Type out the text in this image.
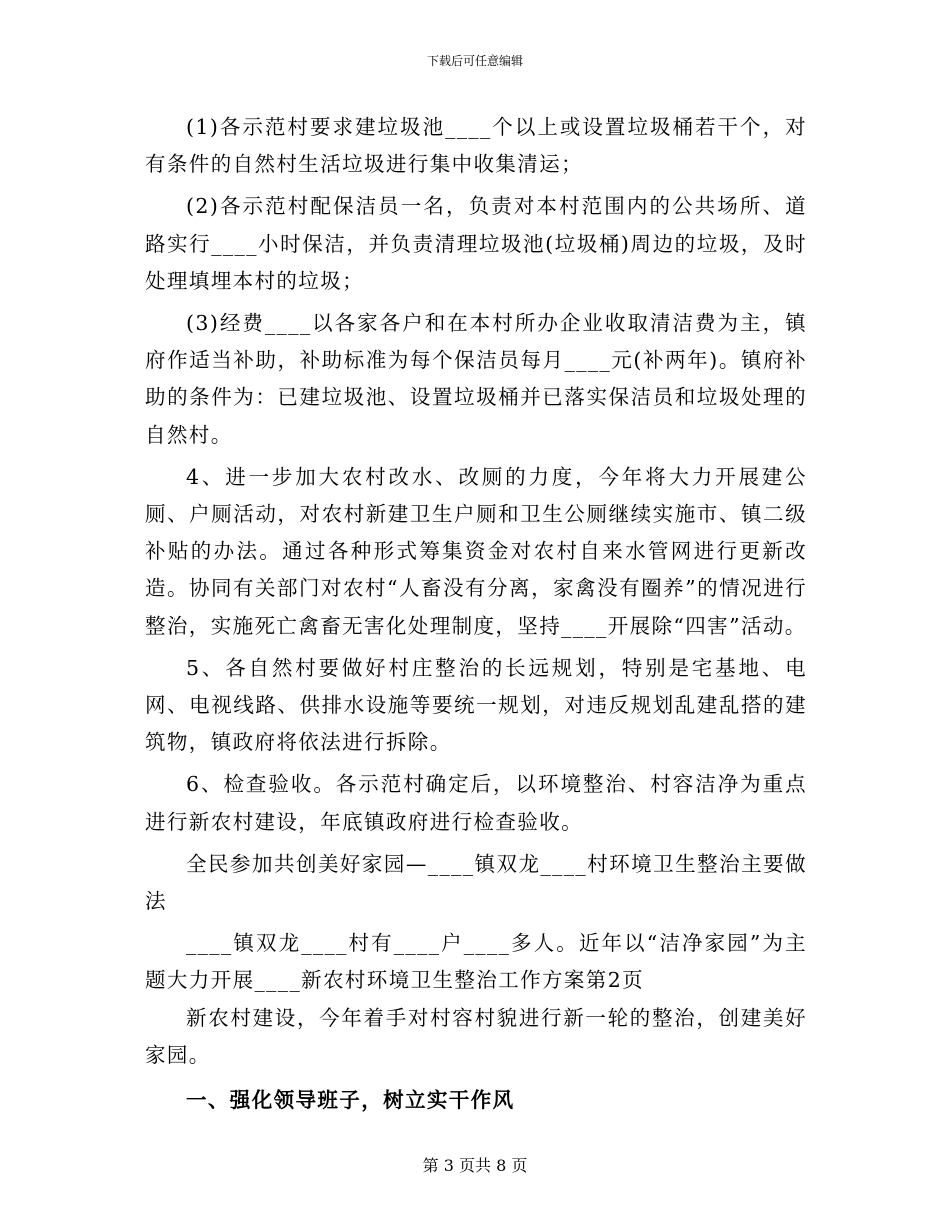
下载后可任意编辑

(1)各示范村要求建垃圾池____个以上或设置垃圾桶若干个，对有条件的自然村生活垃圾进行集中收集清运；

(2)各示范村配保洁员一名，负责对本村范围内的公共场所、道路实行____小时保洁，并负责清理垃圾池(垃圾桶)周边的垃圾，及时处理填埋本村的垃圾；

(3)经费____以各家各户和在本村所办企业收取清洁费为主，镇府作适当补助，补助标准为每个保洁员每月____元(补两年)。镇府补助的条件为：已建垃圾池、设置垃圾桶并已落实保洁员和垃圾处理的自然村。

4、进一步加大农村改水、改厕的力度，今年将大力开展建公厕、户厕活动，对农村新建卫生户厕和卫生公厕继续实施市、镇二级补贴的办法。通过各种形式筹集资金对农村自来水管网进行更新改造。协同有关部门对农村“人畜没有分离，家禽没有圈养”的情况进行整治，实施死亡禽畜无害化处理制度，坚持____开展除“四害”活动。

5、各自然村要做好村庄整治的长远规划，特别是宅基地、电网、电视线路、供排水设施等要统一规划，对违反规划乱建乱搭的建筑物，镇政府将依法进行拆除。

6、检查验收。各示范村确定后，以环境整治、村容洁净为重点进行新农村建设，年底镇政府进行检查验收。

全民参加共创美好家园—____镇双龙____村环境卫生整治主要做法

____镇双龙____村有____户____多人。近年以“洁净家园”为主题大力开展____新农村环境卫生整治工作方案第2页

新农村建设，今年着手对村容村貌进行新一轮的整治，创建美好家园。

一、强化领导班子，树立实干作风

第 3 页共 8 页
